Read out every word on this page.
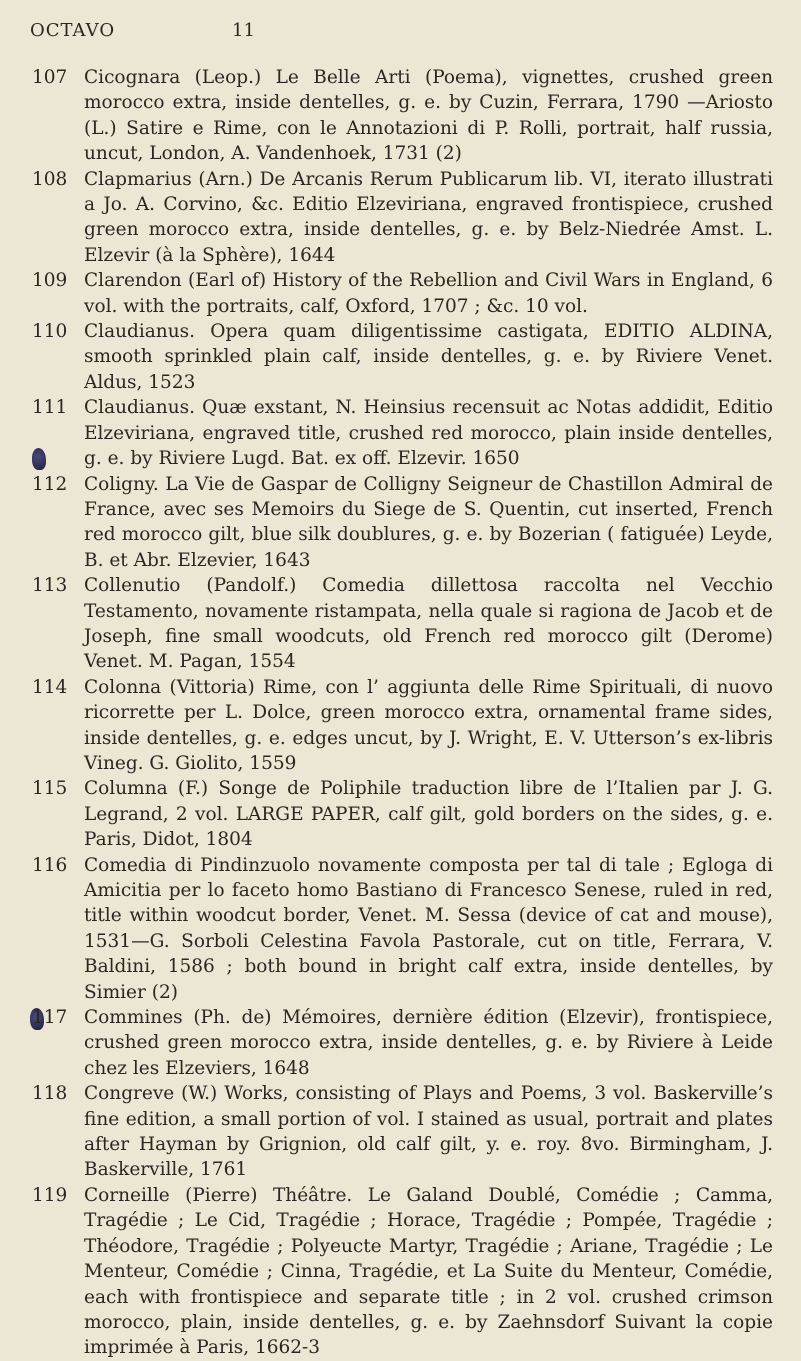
OCTAVO	11
107 Cicognara (Leop.) Le Belle Arti (Poema), vignettes, crushed green morocco extra, inside dentelles, g. e. by Cuzin, Ferrara, 1790 —Ariosto (L.) Satire e Rime, con le Annotazioni di P. Rolli, portrait, half russia, uncut, London, A. Vandenhoek, 1731 (2)

108 Clapmarius (Arn.) De Arcanis Rerum Publicarum lib. VI, iterato illustrati a Jo. A. Corvino, &c. Editio Elzeviriana, engraved frontispiece, crushed green morocco extra, inside dentelles, g. e. by Belz-Niedrée Amst. L. Elzevir (à la Sphère), 1644

109 Clarendon (Earl of) History of the Rebellion and Civil Wars in England, 6 vol. with the portraits, calf, Oxford, 1707 ; &c. 10 vol.

110 Claudianus. Opera quam diligentissime castigata, EDITIO ALDINA, smooth sprinkled plain calf, inside dentelles, g. e. by Riviere Venet. Aldus, 1523

111 Claudianus. Quæ exstant, N. Heinsius recensuit ac Notas addidit, Editio Elzeviriana, engraved title, crushed red morocco, plain inside dentelles, g. e. by Riviere Lugd. Bat. ex off. Elzevir. 1650

112 Coligny. La Vie de Gaspar de Colligny Seigneur de Chastillon Admiral de France, avec ses Memoirs du Siege de S. Quentin, cut inserted, French red morocco gilt, blue silk doublures, g. e. by Bozerian ( fatiguée) Leyde, B. et Abr. Elzevier, 1643

113 Collenutio (Pandolf.) Comedia dillettosa raccolta nel Vecchio Testamento, novamente ristampata, nella quale si ragiona de Jacob et de Joseph, fine small woodcuts, old French red morocco gilt (Derome) Venet. M. Pagan, 1554

114 Colonna (Vittoria) Rime, con l’ aggiunta delle Rime Spirituali, di nuovo ricorrette per L. Dolce, green morocco extra, ornamental frame sides, inside dentelles, g. e. edges uncut, by J. Wright, E. V. Utterson’s ex-libris Vineg. G. Giolito, 1559

115 Columna (F.) Songe de Poliphile traduction libre de l’Italien par J. G. Legrand, 2 vol. LARGE PAPER, calf gilt, gold borders on the sides, g. e. Paris, Didot, 1804

116 Comedia di Pindinzuolo novamente composta per tal di tale ; Egloga di Amicitia per lo faceto homo Bastiano di Francesco Senese, ruled in red, title within woodcut border, Venet. M. Sessa (device of cat and mouse), 1531—G. Sorboli Celestina Favola Pastorale, cut on title, Ferrara, V. Baldini, 1586 ; both bound in bright calf extra, inside dentelles, by Simier (2)

117 Commines (Ph. de) Mémoires, dernière édition (Elzevir), frontispiece, crushed green morocco extra, inside dentelles, g. e. by Riviere à Leide chez les Elzeviers, 1648

118 Congreve (W.) Works, consisting of Plays and Poems, 3 vol. Baskerville’s fine edition, a small portion of vol. I stained as usual, portrait and plates after Hayman by Grignion, old calf gilt, y. e. roy. 8vo. Birmingham, J. Baskerville, 1761

119 Corneille (Pierre) Théâtre. Le Galand Doublé, Comédie ; Camma, Tragédie ; Le Cid, Tragédie ; Horace, Tragédie ; Pompée, Tragédie ; Théodore, Tragédie ; Polyeucte Martyr, Tragédie ; Ariane, Tragédie ; Le Menteur, Comédie ; Cinna, Tragédie, et La Suite du Menteur, Comédie, each with frontispiece and separate title ; in 2 vol. crushed crimson morocco, plain, inside dentelles, g. e. by Zaehnsdorf Suivant la copie imprimée à Paris, 1662-3
